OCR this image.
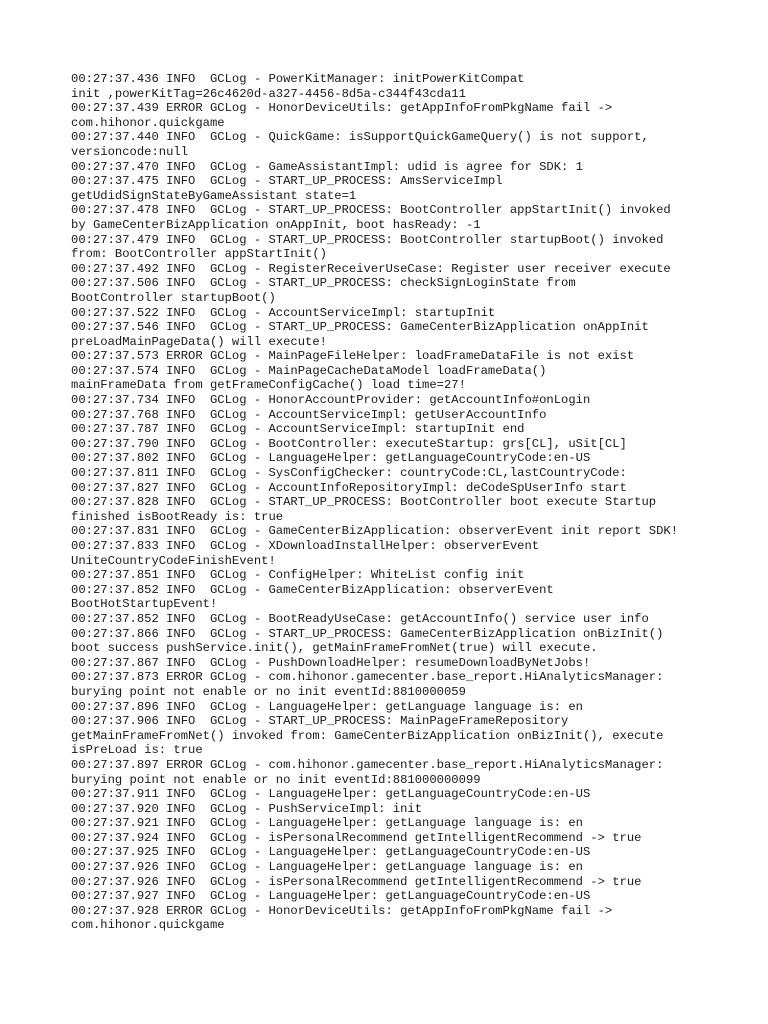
00:27:37.436 INFO  GCLog - PowerKitManager: initPowerKitCompat
init ,powerKitTag=26c4620d-a327-4456-8d5a-c344f43cda11
00:27:37.439 ERROR GCLog - HonorDeviceUtils: getAppInfoFromPkgName fail ->
com.hihonor.quickgame
00:27:37.440 INFO  GCLog - QuickGame: isSupportQuickGameQuery() is not support,
versioncode:null
00:27:37.470 INFO  GCLog - GameAssistantImpl: udid is agree for SDK: 1
00:27:37.475 INFO  GCLog - START_UP_PROCESS: AmsServiceImpl
getUdidSignStateByGameAssistant state=1
00:27:37.478 INFO  GCLog - START_UP_PROCESS: BootController appStartInit() invoked
by GameCenterBizApplication onAppInit, boot hasReady: -1
00:27:37.479 INFO  GCLog - START_UP_PROCESS: BootController startupBoot() invoked
from: BootController appStartInit()
00:27:37.492 INFO  GCLog - RegisterReceiverUseCase: Register user receiver execute
00:27:37.506 INFO  GCLog - START_UP_PROCESS: checkSignLoginState from
BootController startupBoot()
00:27:37.522 INFO  GCLog - AccountServiceImpl: startupInit
00:27:37.546 INFO  GCLog - START_UP_PROCESS: GameCenterBizApplication onAppInit
preLoadMainPageData() will execute!
00:27:37.573 ERROR GCLog - MainPageFileHelper: loadFrameDataFile is not exist
00:27:37.574 INFO  GCLog - MainPageCacheDataModel loadFrameData()
mainFrameData from getFrameConfigCache() load time=27!
00:27:37.734 INFO  GCLog - HonorAccountProvider: getAccountInfo#onLogin
00:27:37.768 INFO  GCLog - AccountServiceImpl: getUserAccountInfo
00:27:37.787 INFO  GCLog - AccountServiceImpl: startupInit end
00:27:37.790 INFO  GCLog - BootController: executeStartup: grs[CL], uSit[CL]
00:27:37.802 INFO  GCLog - LanguageHelper: getLanguageCountryCode:en-US
00:27:37.811 INFO  GCLog - SysConfigChecker: countryCode:CL,lastCountryCode:
00:27:37.827 INFO  GCLog - AccountInfoRepositoryImpl: deCodeSpUserInfo start
00:27:37.828 INFO  GCLog - START_UP_PROCESS: BootController boot execute Startup
finished isBootReady is: true
00:27:37.831 INFO  GCLog - GameCenterBizApplication: observerEvent init report SDK!
00:27:37.833 INFO  GCLog - XDownloadInstallHelper: observerEvent
UniteCountryCodeFinishEvent!
00:27:37.851 INFO  GCLog - ConfigHelper: WhiteList config init
00:27:37.852 INFO  GCLog - GameCenterBizApplication: observerEvent
BootHotStartupEvent!
00:27:37.852 INFO  GCLog - BootReadyUseCase: getAccountInfo() service user info
00:27:37.866 INFO  GCLog - START_UP_PROCESS: GameCenterBizApplication onBizInit()
boot success pushService.init(), getMainFrameFromNet(true) will execute.
00:27:37.867 INFO  GCLog - PushDownloadHelper: resumeDownloadByNetJobs!
00:27:37.873 ERROR GCLog - com.hihonor.gamecenter.base_report.HiAnalyticsManager:
burying point not enable or no init eventId:8810000059
00:27:37.896 INFO  GCLog - LanguageHelper: getLanguage language is: en
00:27:37.906 INFO  GCLog - START_UP_PROCESS: MainPageFrameRepository
getMainFrameFromNet() invoked from: GameCenterBizApplication onBizInit(), execute
isPreLoad is: true
00:27:37.897 ERROR GCLog - com.hihonor.gamecenter.base_report.HiAnalyticsManager:
burying point not enable or no init eventId:881000000099
00:27:37.911 INFO  GCLog - LanguageHelper: getLanguageCountryCode:en-US
00:27:37.920 INFO  GCLog - PushServiceImpl: init
00:27:37.921 INFO  GCLog - LanguageHelper: getLanguage language is: en
00:27:37.924 INFO  GCLog - isPersonalRecommend getIntelligentRecommend -> true
00:27:37.925 INFO  GCLog - LanguageHelper: getLanguageCountryCode:en-US
00:27:37.926 INFO  GCLog - LanguageHelper: getLanguage language is: en
00:27:37.926 INFO  GCLog - isPersonalRecommend getIntelligentRecommend -> true
00:27:37.927 INFO  GCLog - LanguageHelper: getLanguageCountryCode:en-US
00:27:37.928 ERROR GCLog - HonorDeviceUtils: getAppInfoFromPkgName fail ->
com.hihonor.quickgame
